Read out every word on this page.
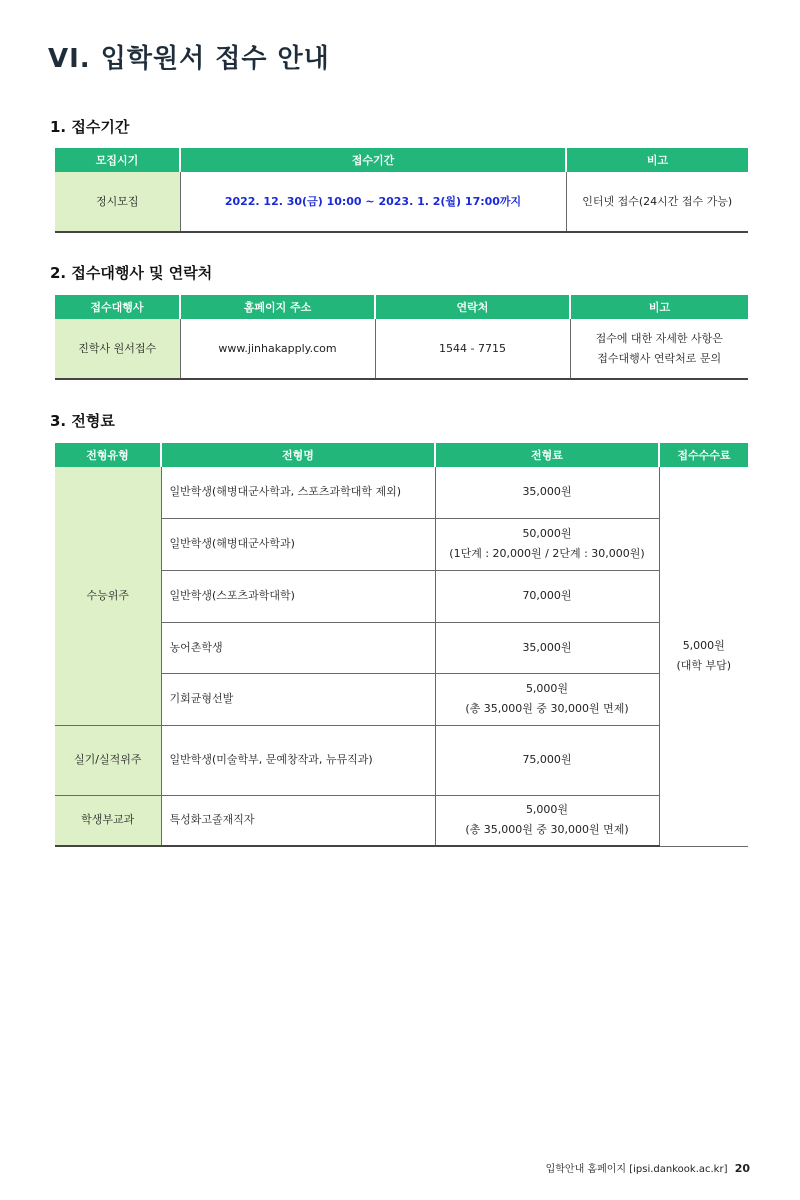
VI. 입학원서 접수 안내
1. 접수기간
모집시기	접수기간	비고
정시모집	2022. 12. 30(금) 10:00 ~ 2023. 1. 2(월) 17:00까지	인터넷 접수(24시간 접수 가능)
2. 접수대행사 및 연락처
접수대행사	홈페이지 주소	연락처	비고
진학사 원서접수	www.jinhakapply.com	1544 - 7715	접수에 대한 자세한 사항은
접수대행사 연락처로 문의
3. 전형료
전형유형	전형명	전형료	접수수수료
수능위주	일반학생(해병대군사학과, 스포츠과학대학 제외)	35,000원	5,000원
(대학 부담)

	일반학생(해병대군사학과)	50,000원
(1단계 : 20,000원 / 2단계 : 30,000원)	

	일반학생(스포츠과학대학)	70,000원	

	농어촌학생	35,000원	

	기회균형선발	5,000원
(총 35,000원 중 30,000원 면제)	

실기/실적위주	일반학생(미술학부, 문예창작과, 뉴뮤직과)	75,000원	

학생부교과	특성화고졸재직자	5,000원
(총 35,000원 중 30,000원 면제)	
입학안내 홈페이지 [ipsi.dankook.ac.kr] 20
